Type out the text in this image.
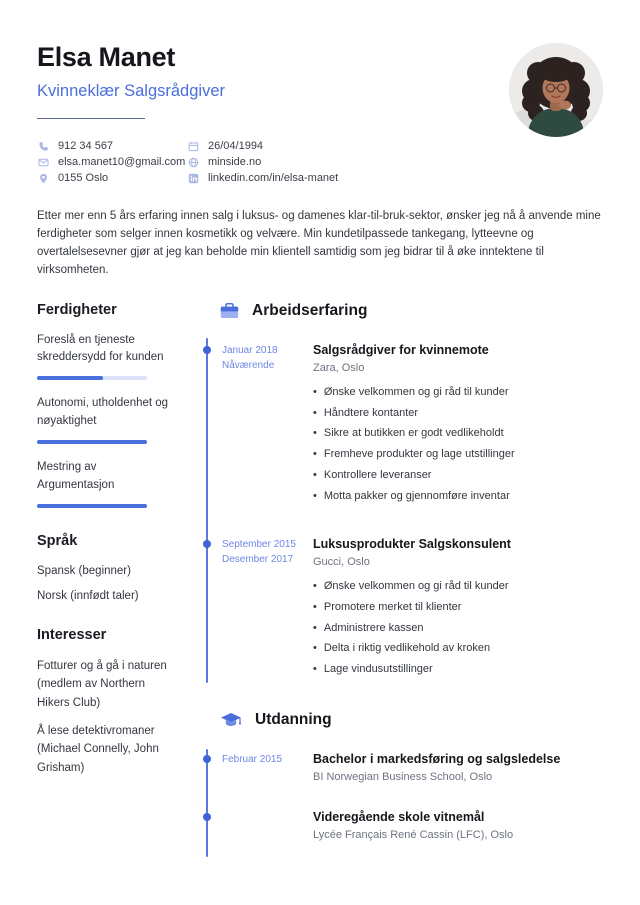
Elsa Manet
Kvinneklær Salgsrådgiver
912 34 567
elsa.manet10@gmail.com
0155 Oslo
26/04/1994
minside.no
linkedin.com/in/elsa-manet

Etter mer enn 5 års erfaring innen salg i luksus- og damenes klar-til-bruk-sektor, ønsker jeg nå å anvende mine ferdigheter som selger innen kosmetikk og velvære. Min kundetilpassede tankegang, lytteevne og overtalelsesevner gjør at jeg kan beholde min klientell samtidig som jeg bidrar til å øke inntektene til virksomheten.

Ferdigheter
Foreslå en tjeneste skreddersydd for kunden
Autonomi, utholdenhet og nøyaktighet
Mestring av Argumentasjon
Språk
Spansk (beginner)
Norsk (innfødt taler)
Interesser
Fotturer og å gå i naturen (medlem av Northern Hikers Club)
Å lese detektivromaner (Michael Connelly, John Grisham)
Arbeidserfaring
Januar 2018
Nåværende
Salgsrådgiver for kvinnemote
Zara, Oslo
• Ønske velkommen og gi råd til kunder
• Håndtere kontanter
• Sikre at butikken er godt vedlikeholdt
• Fremheve produkter og lage utstillinger
• Kontrollere leveranser
• Motta pakker og gjennomføre inventar
September 2015
Desember 2017
Luksusprodukter Salgskonsulent
Gucci, Oslo
• Ønske velkommen og gi råd til kunder
• Promotere merket til klienter
• Administrere kassen
• Delta i riktig vedlikehold av kroken
• Lage vindusutstillinger
Utdanning
Februar 2015	Bachelor i markedsføring og salgsledelse
BI Norwegian Business School, Oslo
Videregående skole vitnemål
Lycée Français René Cassin (LFC), Oslo
